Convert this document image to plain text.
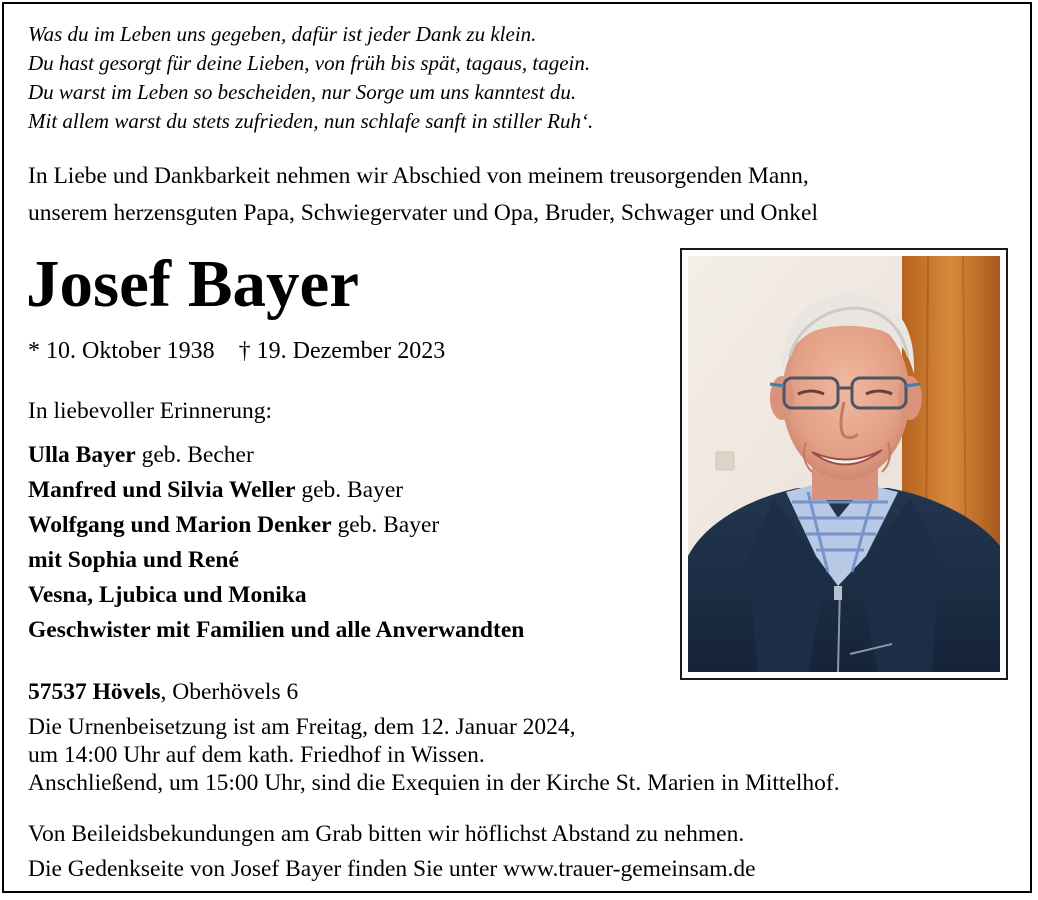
Was du im Leben uns gegeben, dafür ist jeder Dank zu klein.
Du hast gesorgt für deine Lieben, von früh bis spät, tagaus, tagein.
Du warst im Leben so bescheiden, nur Sorge um uns kanntest du.
Mit allem warst du stets zufrieden, nun schlafe sanft in stiller Ruh‘.
In Liebe und Dankbarkeit nehmen wir Abschied von meinem treusorgenden Mann,
unserem herzensguten Papa, Schwiegervater und Opa, Bruder, Schwager und Onkel
Josef Bayer
* 10. Oktober 1938 † 19. Dezember 2023
In liebevoller Erinnerung:
Ulla Bayer geb. Becher
Manfred und Silvia Weller geb. Bayer
Wolfgang und Marion Denker geb. Bayer
mit Sophia und René
Vesna, Ljubica und Monika
Geschwister mit Familien und alle Anverwandten
57537 Hövels, Oberhövels 6
Die Urnenbeisetzung ist am Freitag, dem 12. Januar 2024,
um 14:00 Uhr auf dem kath. Friedhof in Wissen.
Anschließend, um 15:00 Uhr, sind die Exequien in der Kirche St. Marien in Mittelhof.
Von Beileidsbekundungen am Grab bitten wir höflichst Abstand zu nehmen.
Die Gedenkseite von Josef Bayer finden Sie unter www.trauer-gemeinsam.de
